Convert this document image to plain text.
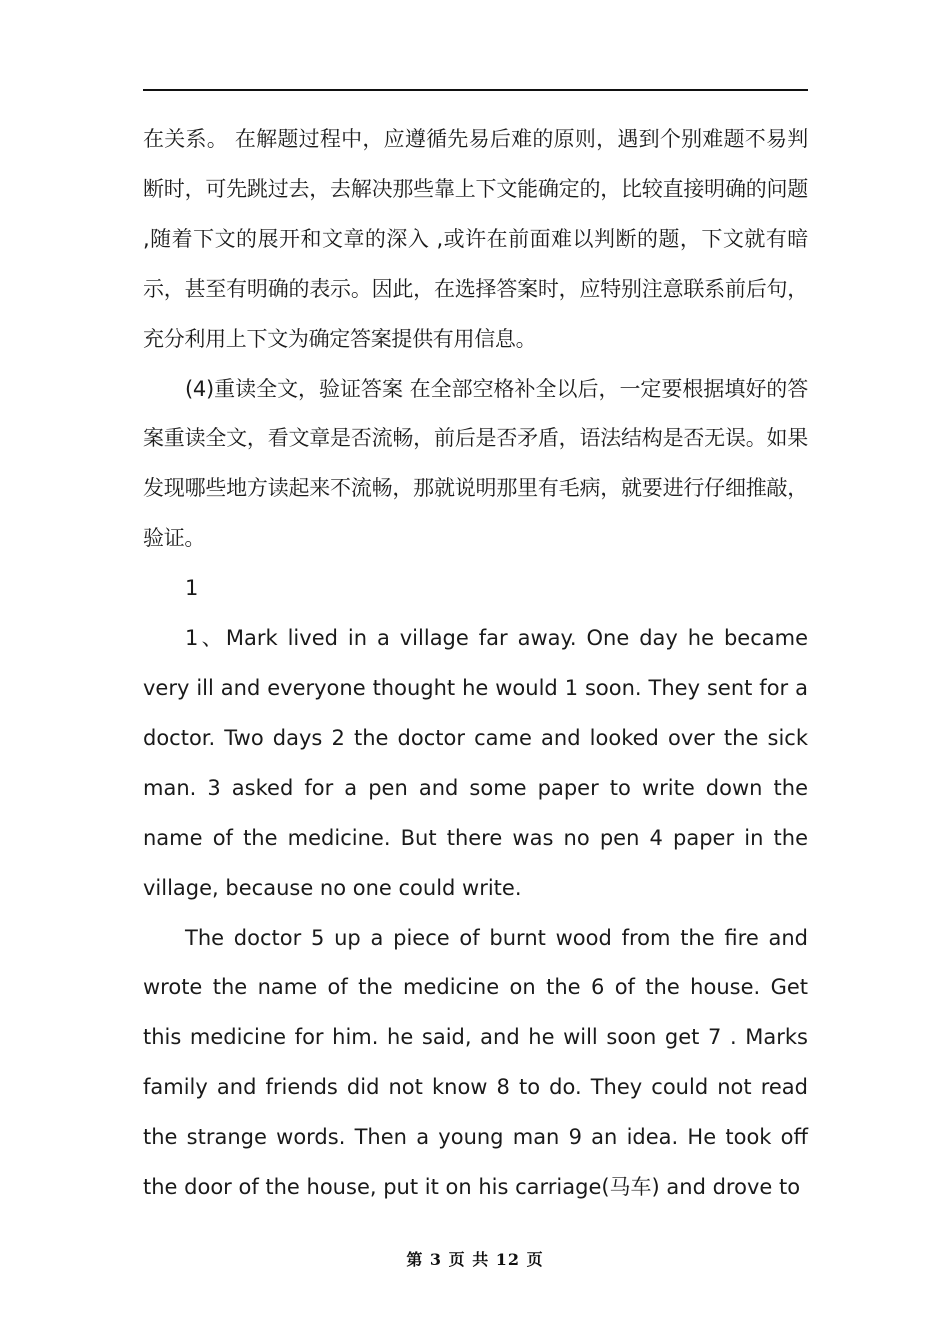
在关系。 在解题过程中，应遵循先易后难的原则，遇到个别难题不易判断时，可先跳过去，去解决那些靠上下文能确定的，比较直接明确的问题 ,随着下文的展开和文章的深入 ,或许在前面难以判断的题，下文就有暗示，甚至有明确的表示。因此，在选择答案时，应特别注意联系前后句，充分利用上下文为确定答案提供有用信息。

(4)重读全文，验证答案 在全部空格补全以后，一定要根据填好的答案重读全文，看文章是否流畅，前后是否矛盾，语法结构是否无误。如果发现哪些地方读起来不流畅，那就说明那里有毛病，就要进行仔细推敲，验证。

1

1、Mark lived in a village far away. One day he became very ill and everyone thought he would 1 soon. They sent for a doctor. Two days 2 the doctor came and looked over the sick man. 3 asked for a pen and some paper to write down the name of the medicine. But there was no pen 4 paper in the village, because no one could write.

The doctor 5 up a piece of burnt wood from the fire and wrote the name of the medicine on the 6 of the house. Get this medicine for him. he said, and he will soon get 7 . Marks family and friends did not know 8 to do. They could not read the strange words. Then a young man 9 an idea. He took off the door of the house, put it on his carriage(马车) and drove to

第 3 页 共 12 页
